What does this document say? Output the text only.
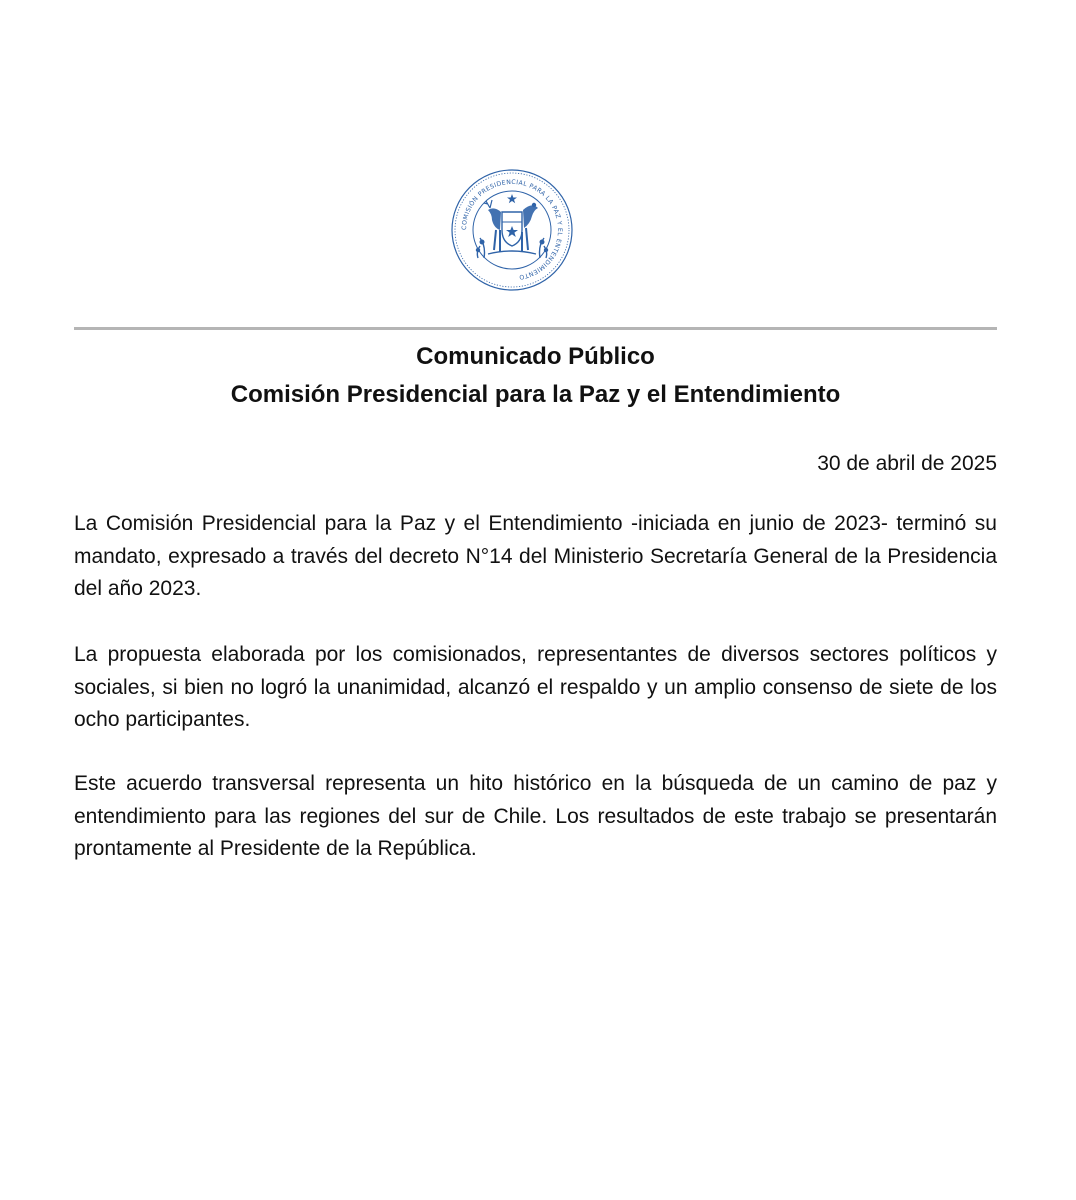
COMISIÓN PRESIDENCIAL PARA LA PAZ Y EL ENTENDIMIENTO
Comunicado Público
Comisión Presidencial para la Paz y el Entendimiento

30 de abril de 2025

La Comisión Presidencial para la Paz y el Entendimiento -iniciada en junio de 2023- terminó su mandato, expresado a través del decreto N°14 del Ministerio Secretaría General de la Presidencia del año 2023.

La propuesta elaborada por los comisionados, representantes de diversos sectores políticos y sociales, si bien no logró la unanimidad, alcanzó el respaldo y un amplio consenso de siete de los ocho participantes.

Este acuerdo transversal representa un hito histórico en la búsqueda de un camino de paz y entendimiento para las regiones del sur de Chile. Los resultados de este trabajo se presentarán prontamente al Presidente de la República.
